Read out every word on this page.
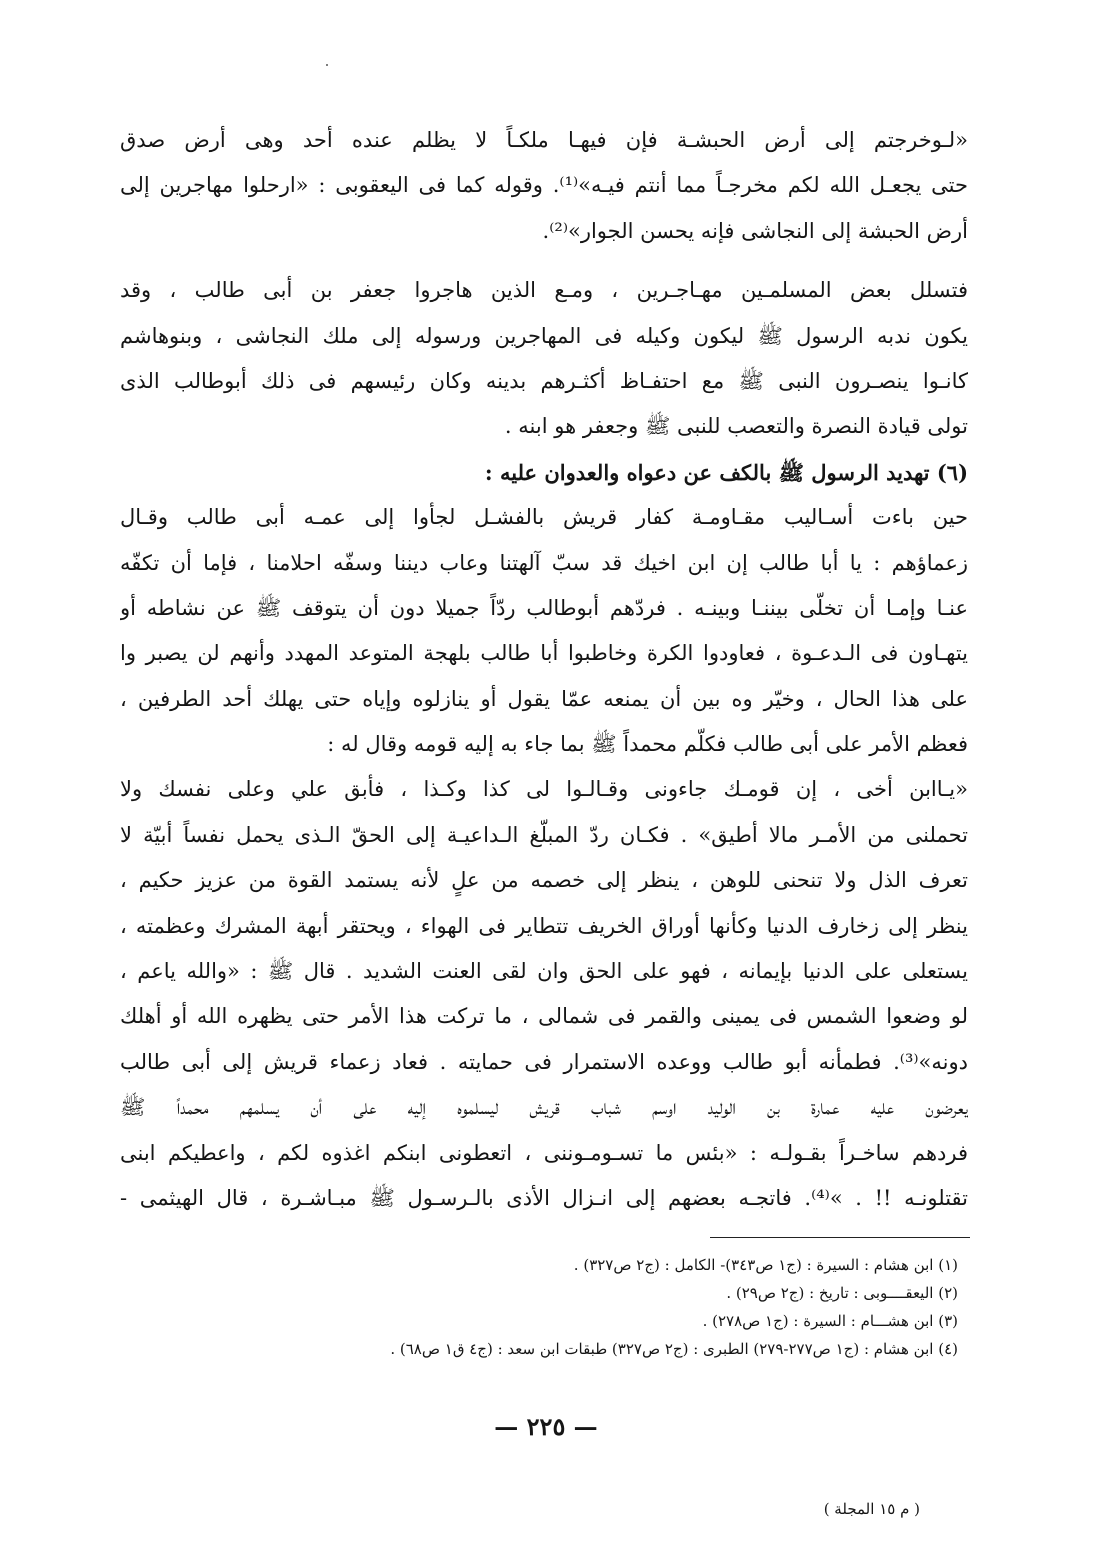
«لـوخرجتم إلى أرض الحبشـة فإن فيهـا ملكـاً لا يظلم عنده أحد وهى أرض صدق
حتى يجعـل الله لكم مخرجـاً مما أنتم فيـه»⁽¹⁾. وقوله كما فى اليعقوبى : «ارحلوا مهاجرين إلى
أرض الحبشة إلى النجاشى فإنه يحسن الجوار»⁽²⁾.
فتسلل بعض المسلمـين مهـاجـرين ، ومـع الذين هاجروا جعفر بن أبى طالب ، وقد
يكون ندبه الرسول ﷺ ليكون وكيله فى المهاجرين ورسوله إلى ملك النجاشى ، وبنوهاشم
كانـوا ينصـرون النبى ﷺ مع احتفـاظ أكثـرهم بدينه وكان رئيسهم فى ذلك أبوطالب الذى
تولى قيادة النصرة والتعصب للنبى ﷺ وجعفر هو ابنه .
(٦) تهديد الرسول ﷺ بالكف عن دعواه والعدوان عليه :
حين باءت أسـاليب مقـاومـة كفار قريش بالفشـل لجأوا إلى عمـه أبى طالب وقـال
زعماؤهم : يا أبا طالب إن ابن اخيك قد سبّ آلهتنا وعاب ديننا وسفّه احلامنا ، فإما أن تكفّه
عنـا وإمـا أن تخلّى بيننـا وبينـه . فردّهم أبوطالب ردّاً جميلا دون أن يتوقف ﷺ عن نشاطه أو
يتهـاون فى الـدعـوة ، فعاودوا الكرة وخاطبوا أبا طالب بلهجة المتوعد المهدد وأنهم لن يصبر وا
على هذا الحال ، وخيّر وه بين أن يمنعه عمّا يقول أو ينازلوه وإياه حتى يهلك أحد الطرفين ،
فعظم الأمر على أبى طالب فكلّم محمداً ﷺ بما جاء به إليه قومه وقال له :
«يـاابن أخى ، إن قومـك جاءونى وقـالـوا لى كذا وكـذا ، فأبق علي وعلى نفسك ولا
تحملنى من الأمـر مالا أطيق» . فكـان ردّ المبلّغ الـداعيـة إلى الحقّ الـذى يحمل نفساً أبيّة لا
تعرف الذل ولا تنحنى للوهن ، ينظر إلى خصمه من علٍ لأنه يستمد القوة من عزيز حكيم ،
ينظر إلى زخارف الدنيا وكأنها أوراق الخريف تتطاير فى الهواء ، ويحتقر أبهة المشرك وعظمته ،
يستعلى على الدنيا بإيمانه ، فهو على الحق وان لقى العنت الشديد . قال ﷺ : «والله ياعم ،
لو وضعوا الشمس فى يمينى والقمر فى شمالى ، ما تركت هذا الأمر حتى يظهره الله أو أهلك
دونه»⁽³⁾. فطمأنه أبو طالب ووعده الاستمرار فى حمايته . فعاد زعماء قريش إلى أبى طالب
يعرضون عليه عمارة بن الوليد اوسم شباب قريش ليسلموه إليه على أن يسلمهم محمداً ﷺ
فردهم ساخـراً بقـولـه : «بئس ما تسـومـوننى ، اتعطونى ابنكم اغذوه لكم ، واعطيكم ابنى
تقتلونـه !! . »⁽⁴⁾. فاتجـه بعضهم إلى انـزال الأذى بالـرسـول ﷺ مبـاشـرة ، قال الهيثمى -
(١) ابن هشام : السيرة : (ج١ ص٣٤٣)- الكامل : (ج٢ ص٣٢٧) .
(٢) اليعقــــوبى : تاريخ : (ج٢ ص٢٩) .
(٣) ابن هشـــام : السيرة : (ج١ ص٢٧٨) .
(٤) ابن هشام : (ج١ ص٢٧٧-٢٧٩) الطبرى : (ج٢ ص٣٢٧) طبقات ابن سعد : (ج٤ ق١ ص٦٨) .
— ٢٢٥ —
( م ١٥ المجلة )
